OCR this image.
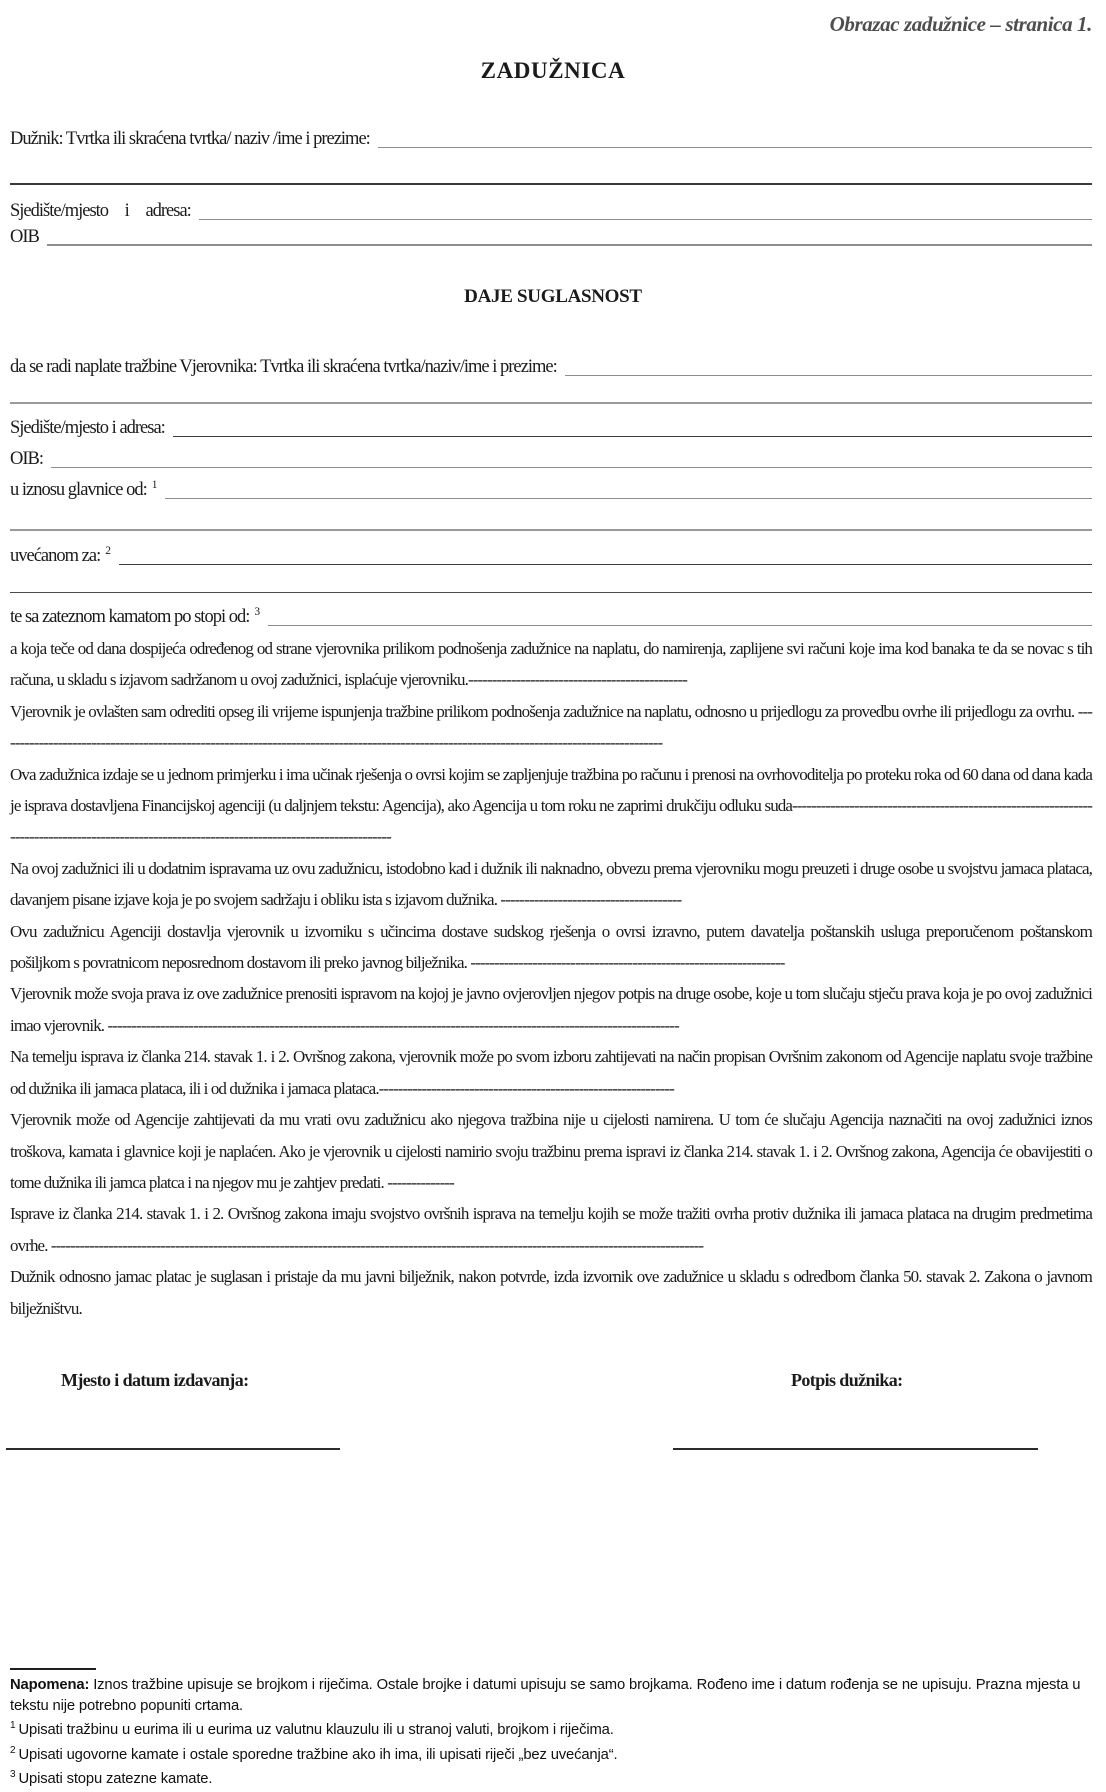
Obrazac zadužnice – stranica 1.
ZADUŽNICA
Dužnik: Tvrtka ili skraćena tvrtka/ naziv /ime i prezime:
Sjedište/mjesto i adresa:
OIB
DAJE SUGLASNOST
da se radi naplate tražbine Vjerovnika: Tvrtka ili skraćena tvrtka/naziv/ime i prezime:
Sjedište/mjesto i adresa:
OIB:
u iznosu glavnice od: $^1$
uvećanom za: $^2$
te sa zateznom kamatom po stopi od: $^3$

a koja teče od dana dospijeća određenog od strane vjerovnika prilikom podnošenja zadužnice na naplatu, do namirenja, zaplijene svi računi koje ima kod banaka te da se novac s tih računa, u skladu s izjavom sadržanom u ovoj zadužnici, isplaćuje vjerovniku.----------------------------------------------

Vjerovnik je ovlašten sam odrediti opseg ili vrijeme ispunjenja tražbine prilikom podnošenja zadužnice na naplatu, odnosno u prijedlogu za provedbu ovrhe ili prijedlogu za ovrhu. --------------------------------------------------------------------------------------------------------------------------------------------

Ova zadužnica izdaje se u jednom primjerku i ima učinak rješenja o ovrsi kojim se zapljenjuje tražbina po računu i prenosi na ovrhovoditelja po proteku roka od 60 dana od dana kada je isprava dostavljena Financijskoj agenciji (u daljnjem tekstu: Agencija), ako Agencija u tom roku ne zaprimi drukčiju odluku suda-----------------------------------------------------------------------------------------------------------------------------------------------

Na ovoj zadužnici ili u dodatnim ispravama uz ovu zadužnicu, istodobno kad i dužnik ili naknadno, obvezu prema vjerovniku mogu preuzeti i druge osobe u svojstvu jamaca plataca, davanjem pisane izjave koja je po svojem sadržaju i obliku ista s izjavom dužnika. --------------------------------------

Ovu zadužnicu Agenciji dostavlja vjerovnik u izvorniku s učincima dostave sudskog rješenja o ovrsi izravno, putem davatelja poštanskih usluga preporučenom poštanskom pošiljkom s povratnicom neposrednom dostavom ili preko javnog bilježnika. ------------------------------------------------------------------

Vjerovnik može svoja prava iz ove zadužnice prenositi ispravom na kojoj je javno ovjerovljen njegov potpis na druge osobe, koje u tom slučaju stječu prava koja je po ovoj zadužnici imao vjerovnik. ------------------------------------------------------------------------------------------------------------------------

Na temelju isprava iz članka 214. stavak 1. i 2. Ovršnog zakona, vjerovnik može po svom izboru zahtijevati na način propisan Ovršnim zakonom od Agencije naplatu svoje tražbine od dužnika ili jamaca plataca, ili i od dužnika i jamaca plataca.--------------------------------------------------------------

Vjerovnik može od Agencije zahtijevati da mu vrati ovu zadužnicu ako njegova tražbina nije u cijelosti namirena. U tom će slučaju Agencija naznačiti na ovoj zadužnici iznos troškova, kamata i glavnice koji je naplaćen. Ako je vjerovnik u cijelosti namirio svoju tražbinu prema ispravi iz članka 214. stavak 1. i 2. Ovršnog zakona, Agencija će obavijestiti o tome dužnika ili jamca platca i na njegov mu je zahtjev predati. --------------

Isprave iz članka 214. stavak 1. i 2. Ovršnog zakona imaju svojstvo ovršnih isprava na temelju kojih se može tražiti ovrha protiv dužnika ili jamaca plataca na drugim predmetima ovrhe. -----------------------------------------------------------------------------------------------------------------------------------------

Dužnik odnosno jamac platac je suglasan i pristaje da mu javni bilježnik, nakon potvrde, izda izvornik ove zadužnice u skladu s odredbom članka 50. stavak 2. Zakona o javnom bilježništvu.

Mjesto i datum izdavanja:	Potpis dužnika:

Napomena: Iznos tražbine upisuje se brojkom i riječima. Ostale brojke i datumi upisuju se samo brojkama. Rođeno ime i datum rođenja se ne upisuju. Prazna mjesta u tekstu nije potrebno popuniti crtama.

$^1$ Upisati tražbinu u eurima ili u eurima uz valutnu klauzulu ili u stranoj valuti, brojkom i riječima.

$^2$ Upisati ugovorne kamate i ostale sporedne tražbine ako ih ima, ili upisati riječi „bez uvećanja“.

$^3$ Upisati stopu zatezne kamate.
